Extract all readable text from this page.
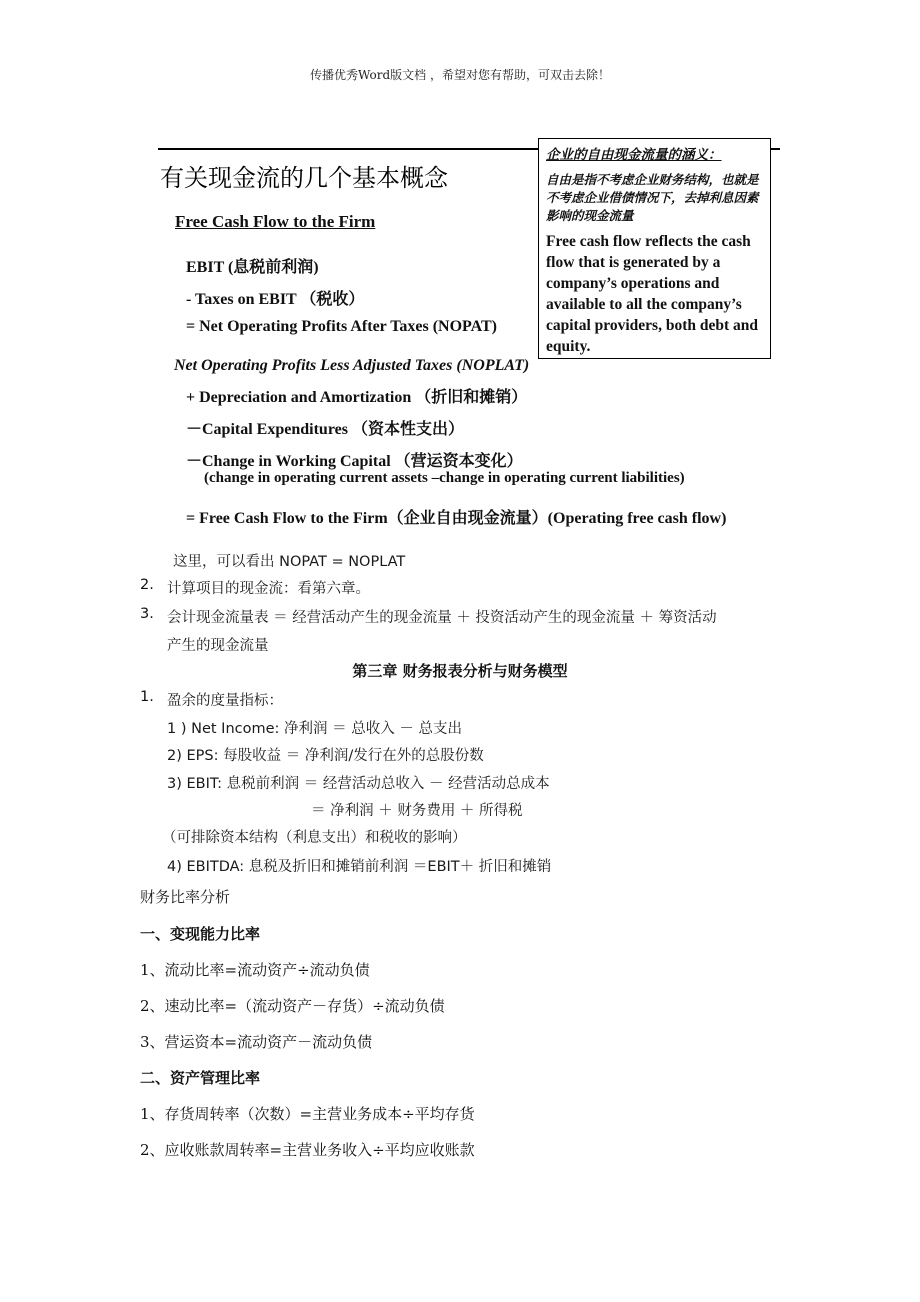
传播优秀Word版文档 ，希望对您有帮助，可双击去除！
有关现金流的几个基本概念
Free Cash Flow to the Firm
EBIT (息税前利润)
- Taxes on EBIT （税收）
= Net Operating Profits After Taxes (NOPAT)
Net Operating Profits Less Adjusted Taxes (NOPLAT)
+ Depreciation and Amortization （折旧和摊销）
－Capital Expenditures （资本性支出）
－Change in Working Capital （营运资本变化）
(change in operating current assets –change in operating current liabilities)
= Free Cash Flow to the Firm（企业自由现金流量）(Operating free cash flow)

企业的自由现金流量的涵义：

自由是指不考虑企业财务结构，也就是不考虑企业借债情况下，去掉利息因素影响的现金流量

Free cash flow reflects the cash flow that is generated by a company’s operations and available to all the company’s capital providers, both debt and equity.
这里，可以看出 NOPAT = NOPLAT
2. 计算项目的现金流：看第六章。
3. 会计现金流量表 ＝ 经营活动产生的现金流量 ＋ 投资活动产生的现金流量 ＋ 筹资活动
产生的现金流量
第三章 财务报表分析与财务模型
1. 盈余的度量指标：
1 ) Net Income: 净利润 ＝ 总收入 － 总支出
2) EPS: 每股收益 ＝ 净利润/发行在外的总股份数
3) EBIT: 息税前利润 ＝ 经营活动总收入 － 经营活动总成本
＝ 净利润 ＋ 财务费用 ＋ 所得税
（可排除资本结构（利息支出）和税收的影响）
4) EBITDA: 息税及折旧和摊销前利润 ＝EBIT＋ 折旧和摊销
财务比率分析
一、变现能力比率
1、流动比率=流动资产÷流动负债
2、速动比率=（流动资产－存货）÷流动负债
3、营运资本=流动资产－流动负债
二、资产管理比率
1、存货周转率（次数）=主营业务成本÷平均存货
2、应收账款周转率=主营业务收入÷平均应收账款
